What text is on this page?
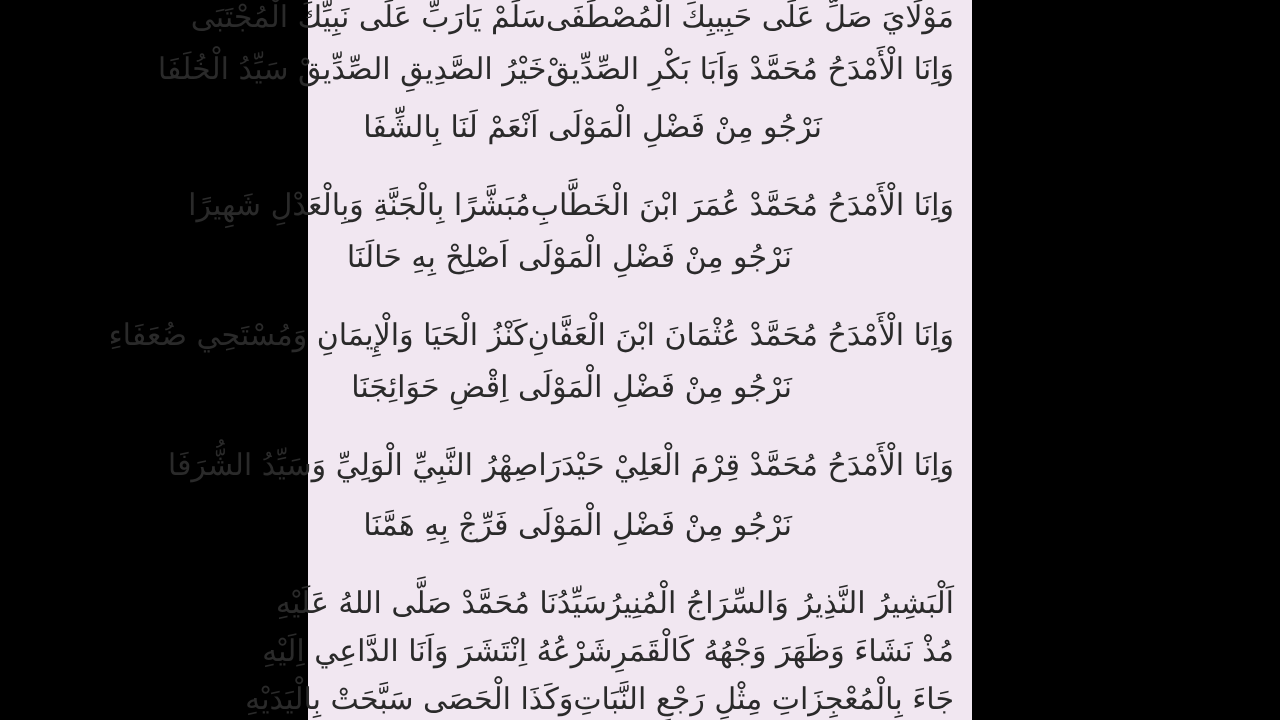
مَوْلَايَ صَلِّ عَلَى حَبِيبِكَ الْمُصْطَفَى
سَلِّمْ يَارَبِّ عَلَى نَبِيِّكَ الْمُجْتَبَى
وَاِنَا الْأَمْدَحُ مُحَمَّدْ وَاَبَا بَكْرِ الصِّدِّيقْ
خَيْرُ الصَّدِيقِ الصِّدِّيقْ سَيِّدُ الْخُلَفَا
نَرْجُو مِنْ فَضْلِ الْمَوْلَى اَنْعَمْ لَنَا بِالشِّفَا
وَاِنَا الْأَمْدَحُ مُحَمَّدْ عُمَرَ ابْنَ الْخَطَّابِ
مُبَشَّرًا بِالْجَنَّةِ وَبِالْعَدْلِ شَهِيرًا
نَرْجُو مِنْ فَضْلِ الْمَوْلَى اَصْلِحْ بِهِ حَالَنَا
وَاِنَا الْأَمْدَحُ مُحَمَّدْ عُثْمَانَ ابْنَ الْعَفَّانِ
كَنْزُ الْحَيَا وَالْإِيمَانِ وَمُسْتَحِي ضُعَفَاءِ
نَرْجُو مِنْ فَضْلِ الْمَوْلَى اِقْضِ حَوَائِجَنَا
وَاِنَا الْأَمْدَحُ مُحَمَّدْ قِرْمَ الْعَلِيْ حَيْدَرَا
صِهْرُ النَّبِيِّ الْوَلِيِّ وَسَيِّدُ الشُّرَفَا
نَرْجُو مِنْ فَضْلِ الْمَوْلَى فَرِّجْ بِهِ هَمَّنَا
اَلْبَشِيرُ النَّذِيرُ وَالسِّرَاجُ الْمُنِيرُ
سَيِّدُنَا مُحَمَّدْ صَلَّى اللهُ عَلَيْهِ
مُذْ نَشَاءَ وَظَهَرَ وَجْهُهُ كَالْقَمَرِ
شَرْعُهُ اِنْتَشَرَ وَاَنَا الدَّاعِي اِلَيْهِ
جَاءَ بِالْمُعْجِزَاتِ مِثْلِ رَجْعِ النَّبَاتِ
وَكَذَا الْحَصَى سَبَّحَتْ بِالْيَدَيْهِ
